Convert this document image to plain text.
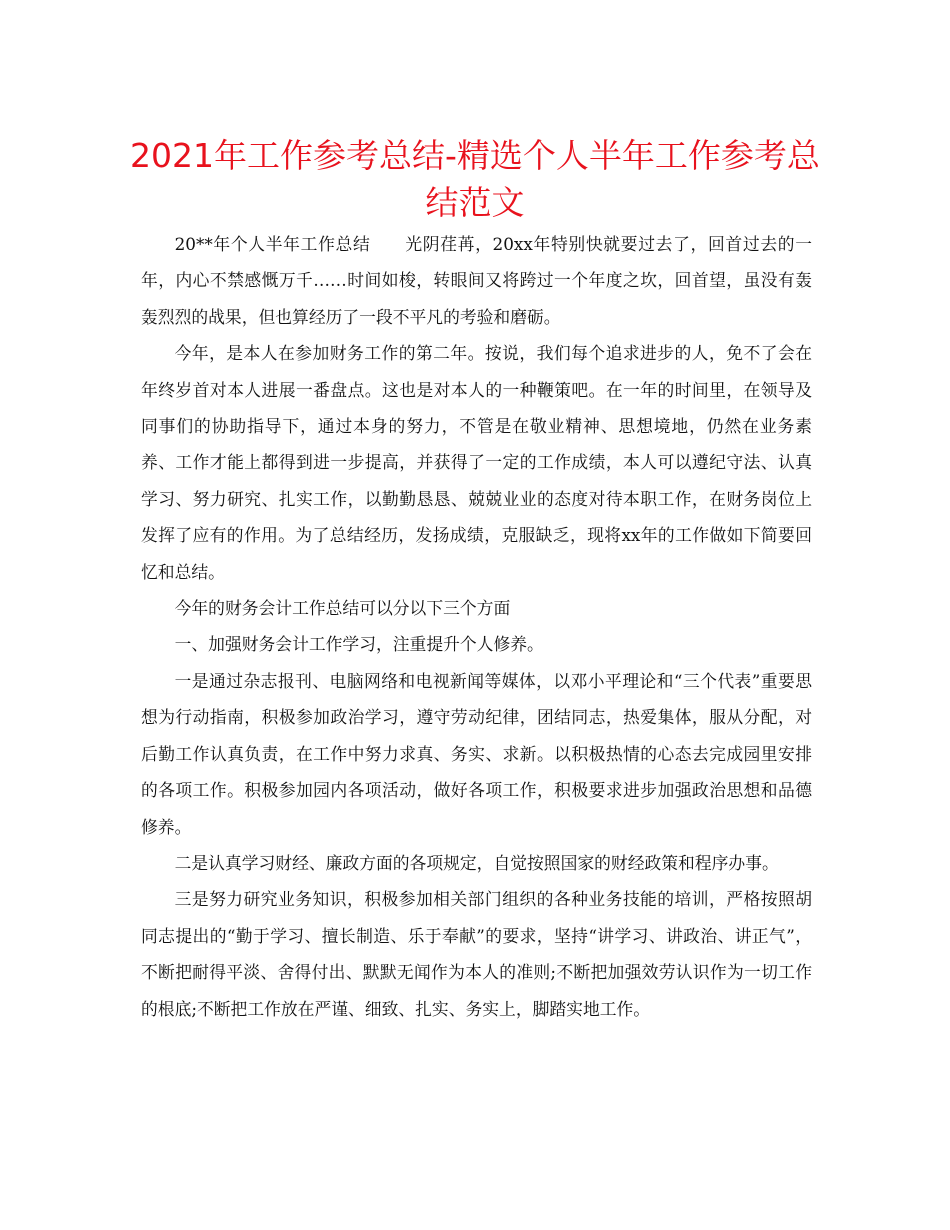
2021年工作参考总结-精选个人半年工作参考总结范文

20**年个人半年工作总结　　光阴荏苒，20xx年特别快就要过去了，回首过去的一年，内心不禁感慨万千……时间如梭，转眼间又将跨过一个年度之坎，回首望，虽没有轰轰烈烈的战果，但也算经历了一段不平凡的考验和磨砺。

今年，是本人在参加财务工作的第二年。按说，我们每个追求进步的人，免不了会在年终岁首对本人进展一番盘点。这也是对本人的一种鞭策吧。在一年的时间里，在领导及同事们的协助指导下，通过本身的努力，不管是在敬业精神、思想境地，仍然在业务素养、工作才能上都得到进一步提高，并获得了一定的工作成绩，本人可以遵纪守法、认真学习、努力研究、扎实工作，以勤勤恳恳、兢兢业业的态度对待本职工作，在财务岗位上发挥了应有的作用。为了总结经历，发扬成绩，克服缺乏，现将xx年的工作做如下简要回忆和总结。

今年的财务会计工作总结可以分以下三个方面

一、加强财务会计工作学习，注重提升个人修养。

一是通过杂志报刊、电脑网络和电视新闻等媒体，以邓小平理论和“三个代表”重要思想为行动指南，积极参加政治学习，遵守劳动纪律，团结同志，热爱集体，服从分配，对后勤工作认真负责，在工作中努力求真、务实、求新。以积极热情的心态去完成园里安排的各项工作。积极参加园内各项活动，做好各项工作，积极要求进步加强政治思想和品德修养。

二是认真学习财经、廉政方面的各项规定，自觉按照国家的财经政策和程序办事。

三是努力研究业务知识，积极参加相关部门组织的各种业务技能的培训，严格按照胡同志提出的“勤于学习、擅长制造、乐于奉献”的要求，坚持“讲学习、讲政治、讲正气”，不断把耐得平淡、舍得付出、默默无闻作为本人的准则;不断把加强效劳认识作为一切工作的根底;不断把工作放在严谨、细致、扎实、务实上，脚踏实地工作。
